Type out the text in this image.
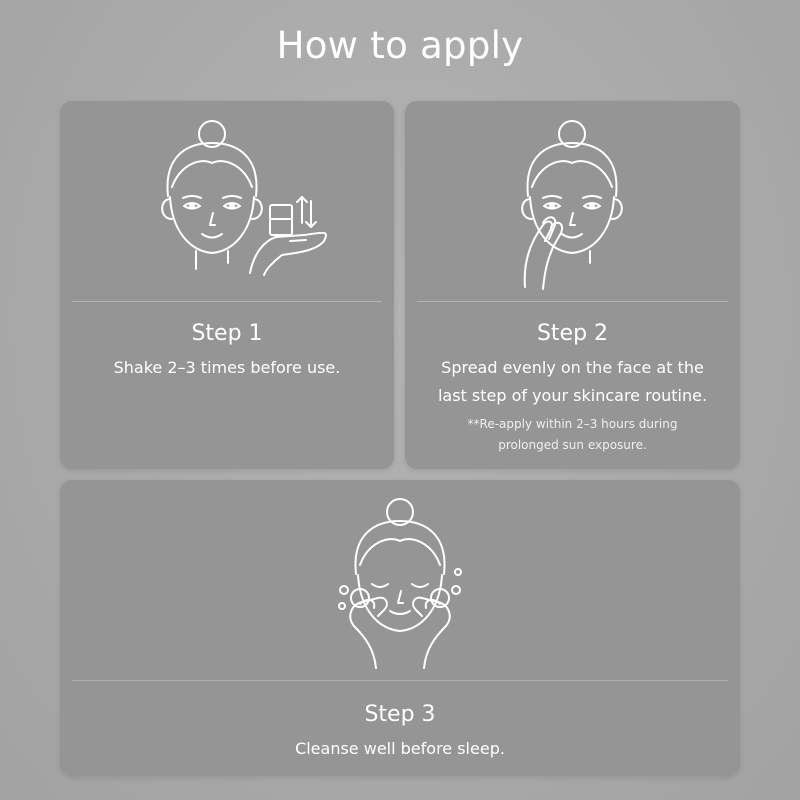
How to apply
Step 1
Shake 2–3 times before use.
Step 2
Spread evenly on the face at the
last step of your skincare routine.
**Re-apply within 2–3 hours during
prolonged sun exposure.
Step 3
Cleanse well before sleep.
